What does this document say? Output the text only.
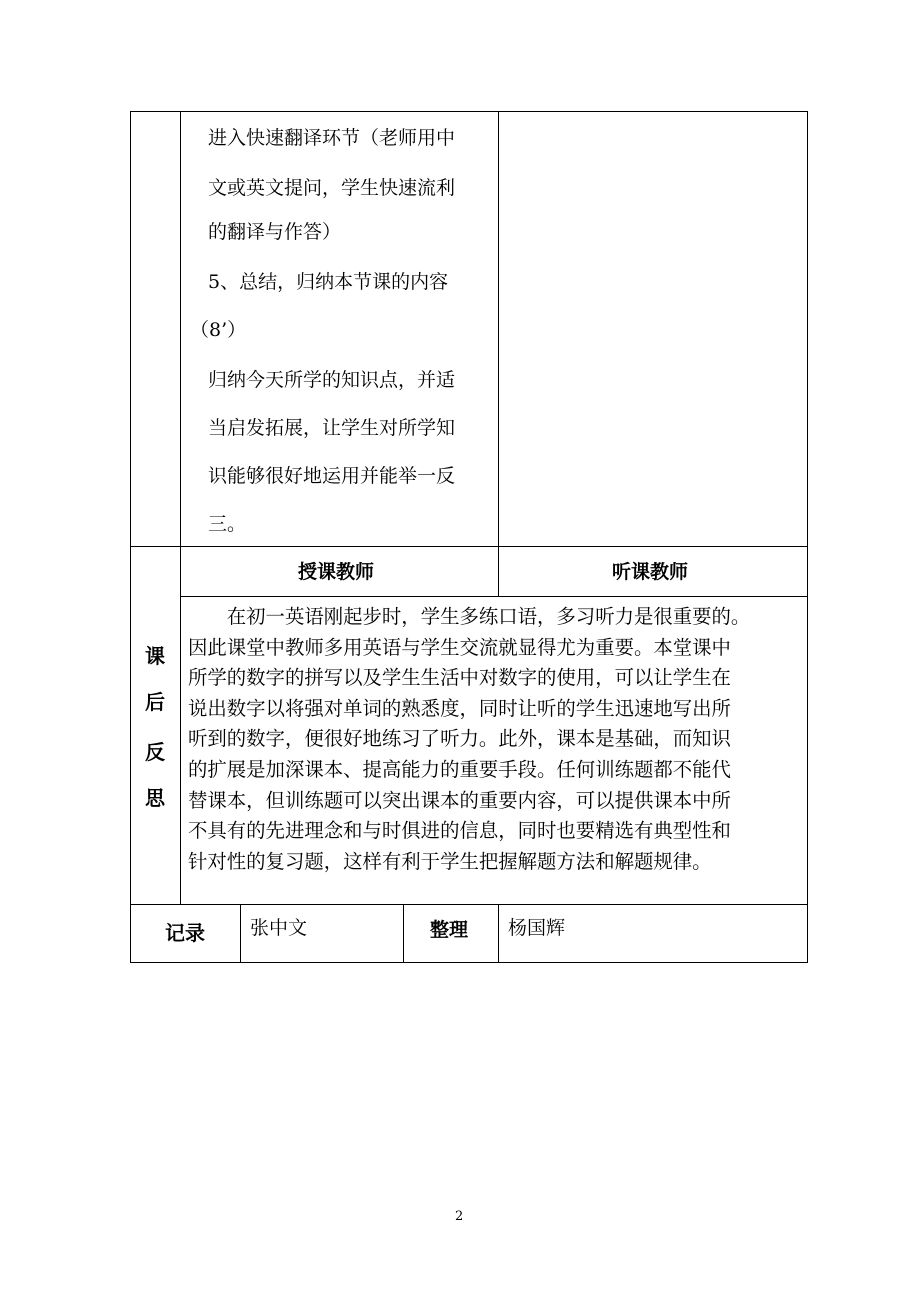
进入快速翻译环节（老师用中
文或英文提问，学生快速流利
的翻译与作答）
5、总结，归纳本节课的内容
（8’）
归纳今天所学的知识点，并适
当启发拓展，让学生对所学知
识能够很好地运用并能举一反
三。
授课教师	听课教师
课
后
反
思
　　在初一英语刚起步时，学生多练口语，多习听力是很重要的。
因此课堂中教师多用英语与学生交流就显得尤为重要。本堂课中
所学的数字的拼写以及学生生活中对数字的使用，可以让学生在
说出数字以将强对单词的熟悉度，同时让听的学生迅速地写出所
听到的数字，便很好地练习了听力。此外，课本是基础，而知识
的扩展是加深课本、提高能力的重要手段。任何训练题都不能代
替课本，但训练题可以突出课本的重要内容，可以提供课本中所
不具有的先进理念和与时俱进的信息，同时也要精选有典型性和
针对性的复习题，这样有利于学生把握解题方法和解题规律。
记录 张中文	整理 杨国辉
2
